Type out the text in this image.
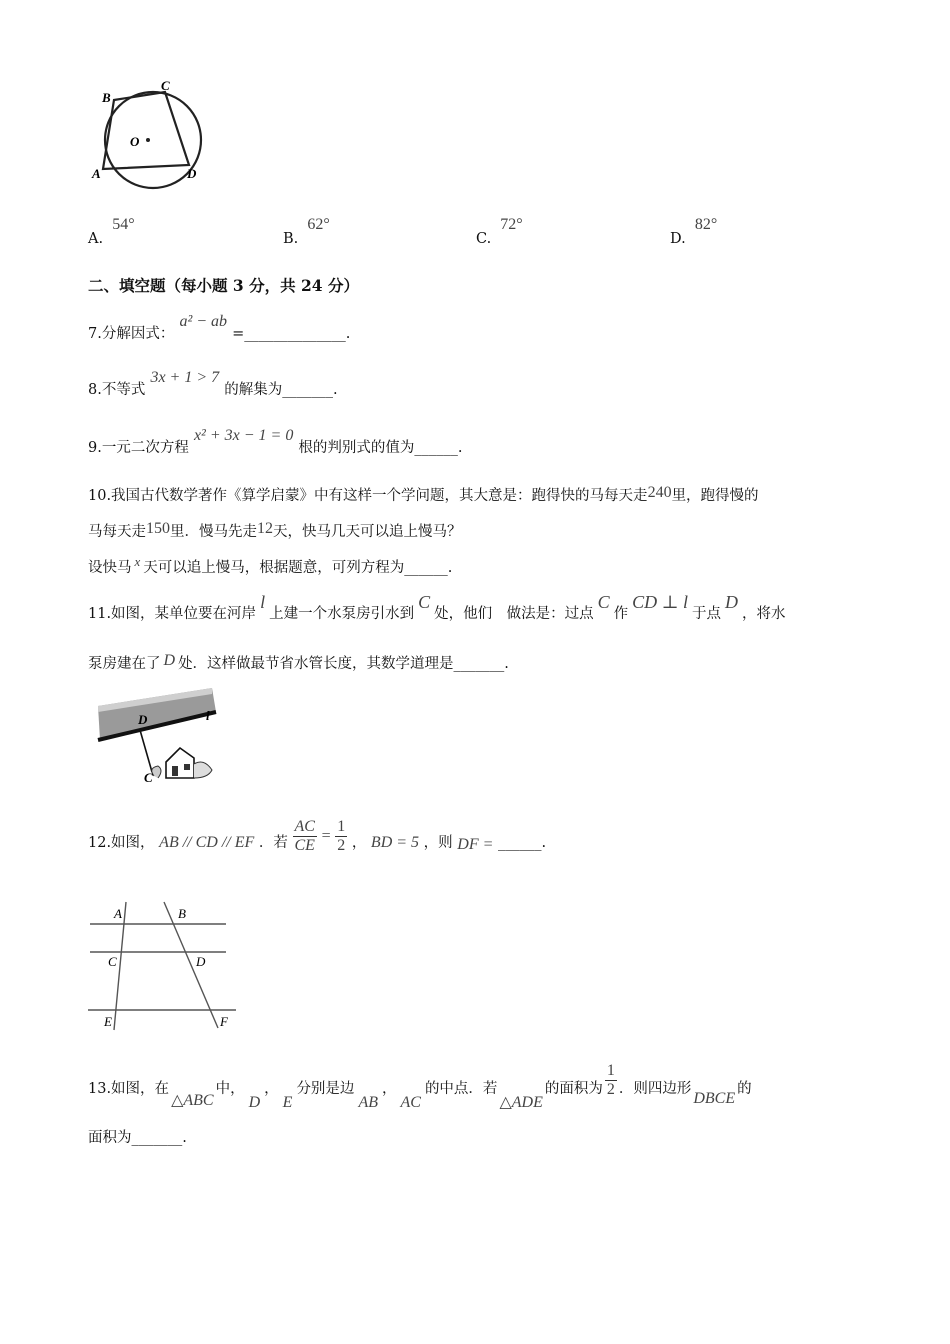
B
C
O
A	D
A. 54°
B. 62°
C. 72°
D. 82°
二、填空题（每小题 3 分，共 24 分）
7.分解因式： a² − ab =______________.
8.不等式 3x + 1 > 7 的解集为_______.
9.一元二次方程 x² + 3x − 1 = 0 根的判别式的值为______.
10.我国古代数学著作《算学启蒙》中有这样一个学问题，其大意是：跑得快的马每天走240里，跑得慢的
马每天走150里．慢马先走12天，快马几天可以追上慢马？
设快马 x 天可以追上慢马，根据题意，可列方程为______.
11.如图，某单位要在河岸l上建一个水泵房引水到C处，他们　做法是：过点C作CD ⊥ l于点D，将水
泵房建在了 D 处．这样做最节省水管长度，其数学道理是_______.
D	l
C
12.如图， AB // CD // EF ．若 $\frac{AC}{CE} = \frac{1}{2}$ ， BD = 5 ，则 DF = ______.
A	B
C	D
E	F
13.如图，在△ABC中，D，E分别是边AB，AC的中点．若△ADE的面积为 $\frac{1}{2}$ ．则四边形DBCE的
面积为_______.
